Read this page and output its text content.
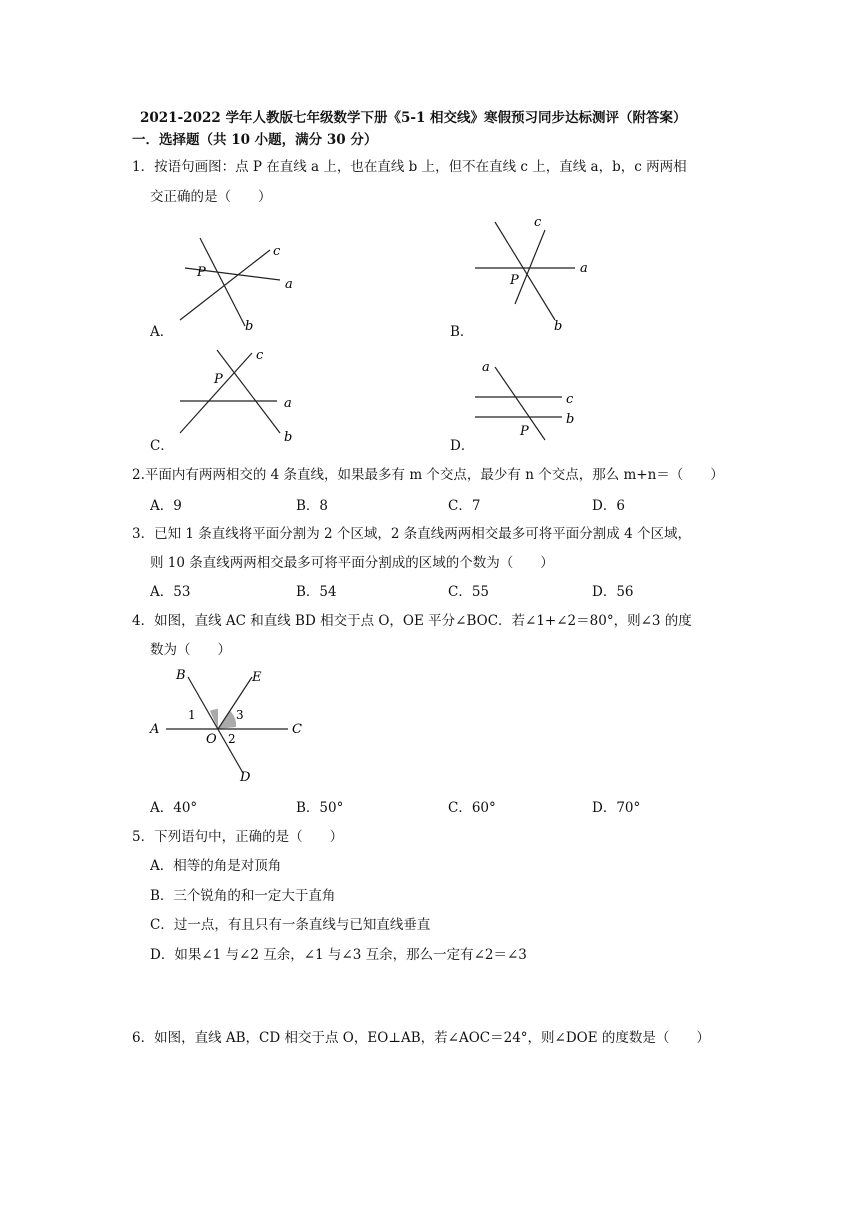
2021-2022 学年人教版七年级数学下册《5-1 相交线》寒假预习同步达标测评（附答案）
一．选择题（共 10 小题，满分 30 分）
1．按语句画图：点 P 在直线 a 上，也在直线 b 上，但不在直线 c 上，直线 a，b，c 两两相
交正确的是（　　）
P
c
a
b
A．
c
a
P
b
B．
c
P
a
b
C．
a
c
b
P
D．
2.平面内有两两相交的 4 条直线，如果最多有 m 个交点，最少有 n 个交点，那么 m+n＝（　　）
A．9	B．8	C．7	D．6
3．已知 1 条直线将平面分割为 2 个区域，2 条直线两两相交最多可将平面分割成 4 个区域，
则 10 条直线两两相交最多可将平面分割成的区域的个数为（　　）
A．53	B．54	C．55	D．56
4．如图，直线 AC 和直线 BD 相交于点 O，OE 平分∠BOC．若∠1+∠2＝80°，则∠3 的度
数为（　　）
B	E
A	C
O
D
1	3
2
A．40°	B．50°	C．60°	D．70°
5．下列语句中，正确的是（　　）
A．相等的角是对顶角
B．三个锐角的和一定大于直角
C．过一点，有且只有一条直线与已知直线垂直
D．如果∠1 与∠2 互余，∠1 与∠3 互余，那么一定有∠2＝∠3
6．如图，直线 AB，CD 相交于点 O，EO⊥AB，若∠AOC＝24°，则∠DOE 的度数是（　　）
